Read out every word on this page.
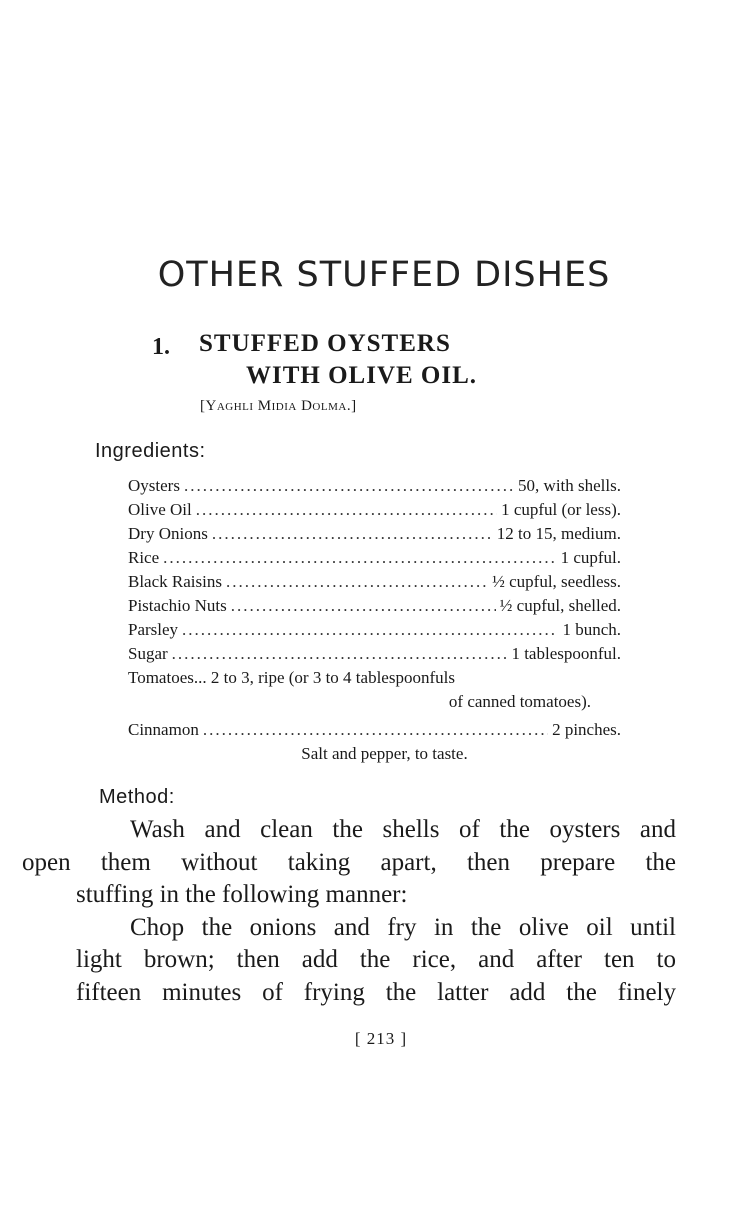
OTHER STUFFED DISHES
1. STUFFED OYSTERS
WITH OLIVE OIL.
[Yaghli Midia Dolma.]
Ingredients:
Oysters .....	50, with shells.
Olive Oil .....	1 cupful (or less).
Dry Onions .....	12 to 15, medium.
Rice .....	1 cupful.
Black Raisins .....	½ cupful, seedless.
Pistachio Nuts .....	½ cupful, shelled.
Parsley .....	1 bunch.
Sugar .....	1 tablespoonful.
Tomatoes... 2 to 3, ripe (or 3 to 4 tablespoonfuls
of canned tomatoes).
Cinnamon .....	2 pinches.
Salt and pepper, to taste.
Method:

Wash and clean the shells of the oysters and
open them without taking apart, then prepare the
stuffing in the following manner:

Chop the onions and fry in the olive oil until
light brown; then add the rice, and after ten to
fifteen minutes of frying the latter add the finely

[ 213 ]
